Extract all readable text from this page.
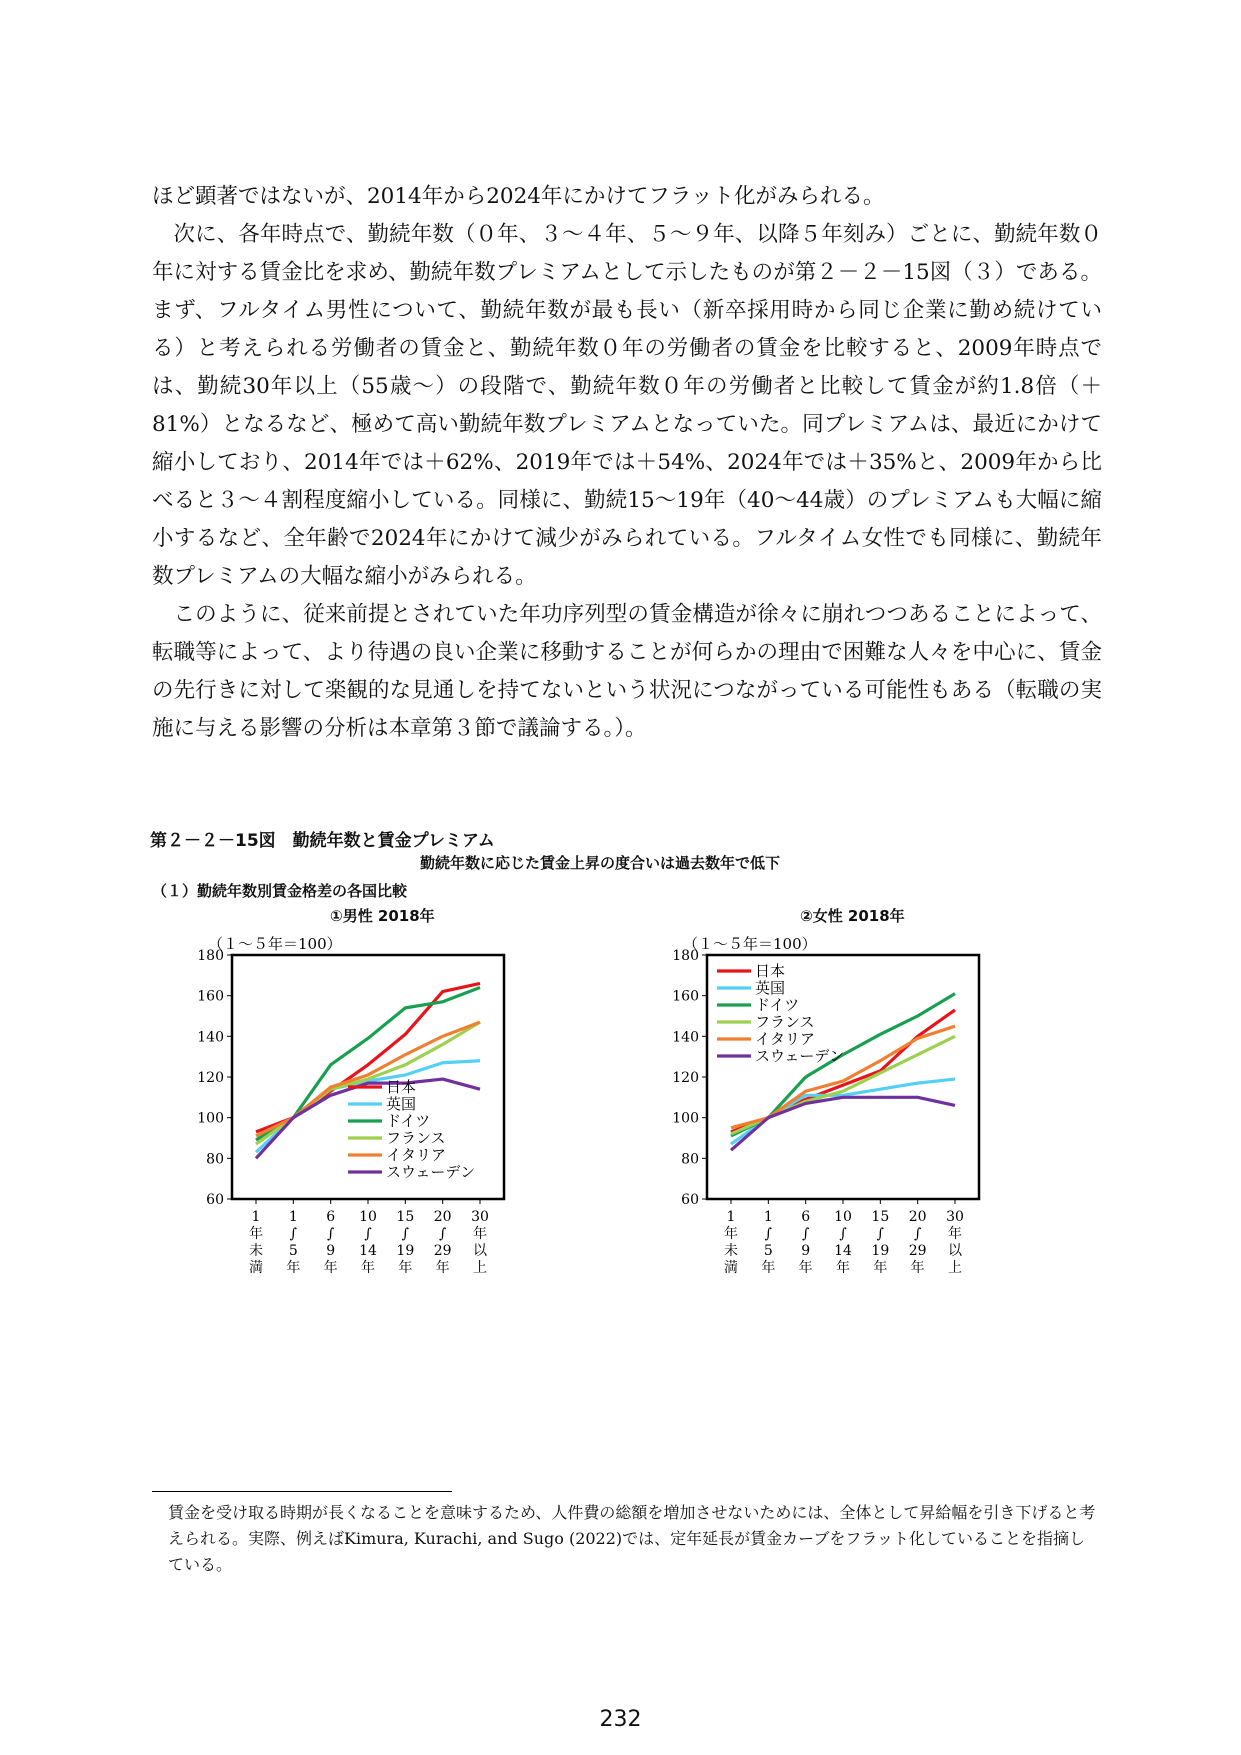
ほど顕著ではないが、2014年から2024年にかけてフラット化がみられる。

次に、各年時点で、勤続年数（０年、３～４年、５～９年、以降５年刻み）ごとに、勤続年数０年に対する賃金比を求め、勤続年数プレミアムとして示したものが第２－２－15図（３）である。まず、フルタイム男性について、勤続年数が最も長い（新卒採用時から同じ企業に勤め続けている）と考えられる労働者の賃金と、勤続年数０年の労働者の賃金を比較すると、2009年時点では、勤続30年以上（55歳～）の段階で、勤続年数０年の労働者と比較して賃金が約1.8倍（＋81%）となるなど、極めて高い勤続年数プレミアムとなっていた。同プレミアムは、最近にかけて縮小しており、2014年では＋62%、2019年では＋54%、2024年では＋35%と、2009年から比べると３～４割程度縮小している。同様に、勤続15～19年（40～44歳）のプレミアムも大幅に縮小するなど、全年齢で2024年にかけて減少がみられている。フルタイム女性でも同様に、勤続年数プレミアムの大幅な縮小がみられる。

このように、従来前提とされていた年功序列型の賃金構造が徐々に崩れつつあることによって、転職等によって、より待遇の良い企業に移動することが何らかの理由で困難な人々を中心に、賃金の先行きに対して楽観的な見通しを持てないという状況につながっている可能性もある（転職の実施に与える影響の分析は本章第３節で議論する。）。

第２－２－15図　勤続年数と賃金プレミアム
勤続年数に応じた賃金上昇の度合いは過去数年で低下
（１）勤続年数別賃金格差の各国比較
①男性 2018年	②女性 2018年
（１～５年＝100）
60
80
100
120
140
160
180
1 年未満
1 ∫ 5 年
6 ∫ 9 年
10 ∫ 14 年
15 ∫ 19 年
20 ∫ 29 年
30 年以上
日本
英国
ドイツ
フランス
イタリア
スウェーデン
（１～５年＝100）
60
80
100
120
140
160
180
1 年未満
1 ∫ 5 年
6 ∫ 9 年
10 ∫ 14 年
15 ∫ 19 年
20 ∫ 29 年
30 年以上
日本
英国
ドイツ
フランス
イタリア
スウェーデン

賃金を受け取る時期が長くなることを意味するため、人件費の総額を増加させないためには、全体として昇給幅を引き下げると考えられる。実際、例えばKimura, Kurachi, and Sugo (2022)では、定年延長が賃金カーブをフラット化していることを指摘している。

232
